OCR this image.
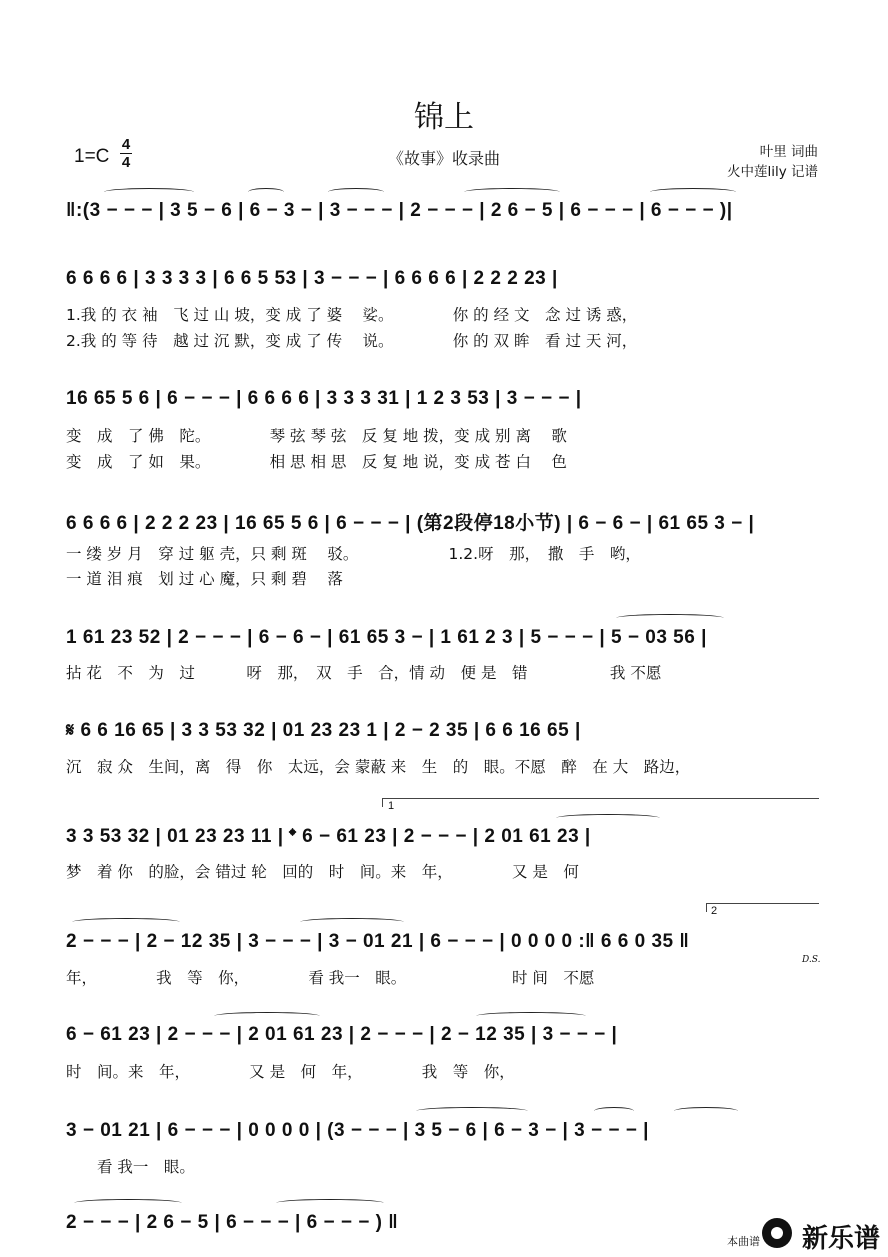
锦上
《故事》收录曲
1=C
4
4
叶里 词曲
火中莲lily 记谱
‖:(3 − − − | 3 5 − 6 | 6 − 3 − | 3 − − − | 2 − − − | 2 6 − 5 | 6 − − − | 6 − − − )|
6 6 6 6 | 3 3 3 3 | 6 6 5 53 | 3 − − − | 6 6 6 6 | 2 2 2 23 |
1.我 的 衣 袖　飞 过 山 坡，变 成 了 婆　 娑。　　　　 你 的 经 文　念 过 诱 惑，
2.我 的 等 待　越 过 沉 默，变 成 了 传　 说。　　　　 你 的 双 眸　看 过 天 河，
16 65 5 6 | 6 − − − | 6 6 6 6 | 3 3 3 31 | 1 2 3 53 | 3 − − − |
变　成　了 佛　陀。　　　　 琴 弦 琴 弦　反 复 地 拨，变 成 别 离　 歌
变　成　了 如　果。　　　　 相 思 相 思　反 复 地 说，变 成 苍 白　 色
6 6 6 6 | 2 2 2 23 | 16 65 5 6 | 6 − − − | (第2段停18小节) | 6 − 6 − | 61 65 3 − |
一 缕 岁 月　穿 过 躯 壳，只 剩 斑　 驳。　　　　　　 1.2.呀　那，　撒　手　哟，
一 道 泪 痕　划 过 心 魔，只 剩 碧　 落
1 61 23 52 | 2 − − − | 6 − 6 − | 61 65 3 − | 1 61 2 3 | 5 − − − | 5 − 03 56 |
拈 花　不　为　过　　　 呀　那，　双　手　合，情 动　便 是　错　　　　　 我 不愿
𝄋 6 6 16 65 | 3 3 53 32 | 01 23 23 1 | 2 − 2 35 | 6 6 16 65 |
沉　寂 众　生间，离　得　你　太远，会 蒙蔽 来　生　的　眼。不愿　醉　在 大　路边，
3 3 53 32 | 01 23 23 11 | 𝄌 6 − 61 23 | 2 − − − | 2 01 61 23 |
1
梦　着 你　的脸，会 错过 轮　回的　时　间。来　年，　　　　 又 是　何
2 − − − | 2 − 12 35 | 3 − − − | 3 − 01 21 | 6 − − − | 0 0 0 0 :‖ 6 6 0 35 ‖
2
D.S.
年，　　　　 我　等　你，　　　　 看 我一　眼。　　　　　　　 时 间　不愿
6 − 61 23 | 2 − − − | 2 01 61 23 | 2 − − − | 2 − 12 35 | 3 − − − |
时　间。来　年，　　　　 又 是　何　年，　　　　 我　等　你，
3 − 01 21 | 6 − − − | 0 0 0 0 | (3 − − − | 3 5 − 6 | 6 − 3 − | 3 − − − |
　　看 我一　眼。
2 − − − | 2 6 − 5 | 6 − − − | 6 − − − ) ‖
本曲谱 新乐谱
